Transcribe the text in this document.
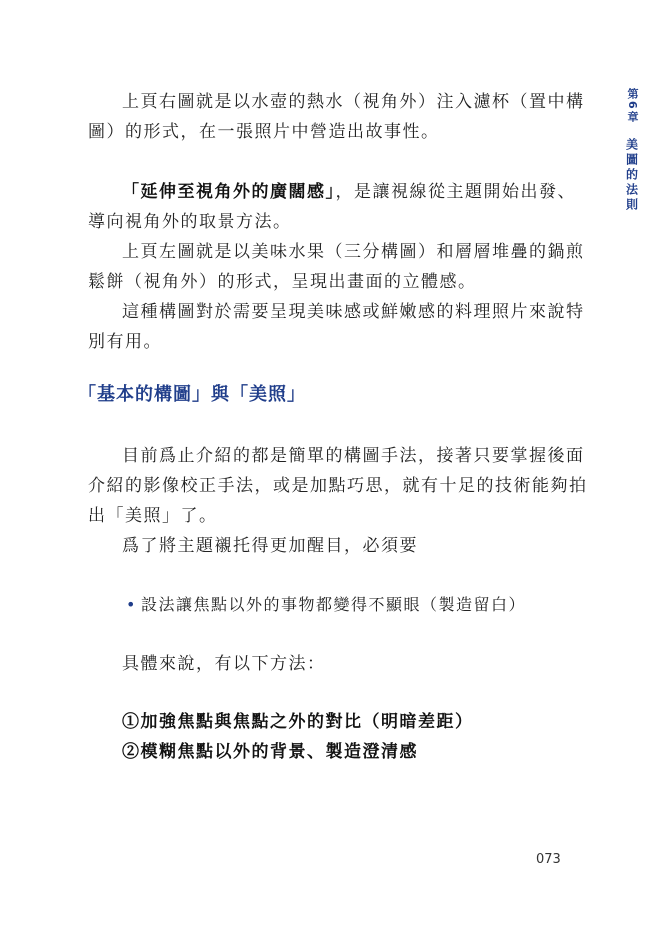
上頁右圖就是以水壺的熱水（視角外）注入濾杯（置中構

圖）的形式，在一張照片中營造出故事性。

「延伸至視角外的廣闊感」，是讓視線從主題開始出發、

導向視角外的取景方法。

上頁左圖就是以美味水果（三分構圖）和層層堆疊的鍋煎

鬆餅（視角外）的形式，呈現出畫面的立體感。

這種構圖對於需要呈現美味感或鮮嫩感的料理照片來說特

別有用。

「基本的構圖」與「美照」

目前爲止介紹的都是簡單的構圖手法，接著只要掌握後面

介紹的影像校正手法，或是加點巧思，就有十足的技術能夠拍

出「美照」了。

爲了將主題襯托得更加醒目，必須要

• 設法讓焦點以外的事物都變得不顯眼（製造留白）

具體來說，有以下方法：

①加強焦點與焦點之外的對比（明暗差距）

②模糊焦點以外的背景、製造澄清感

第6章
美圖的法則
073
